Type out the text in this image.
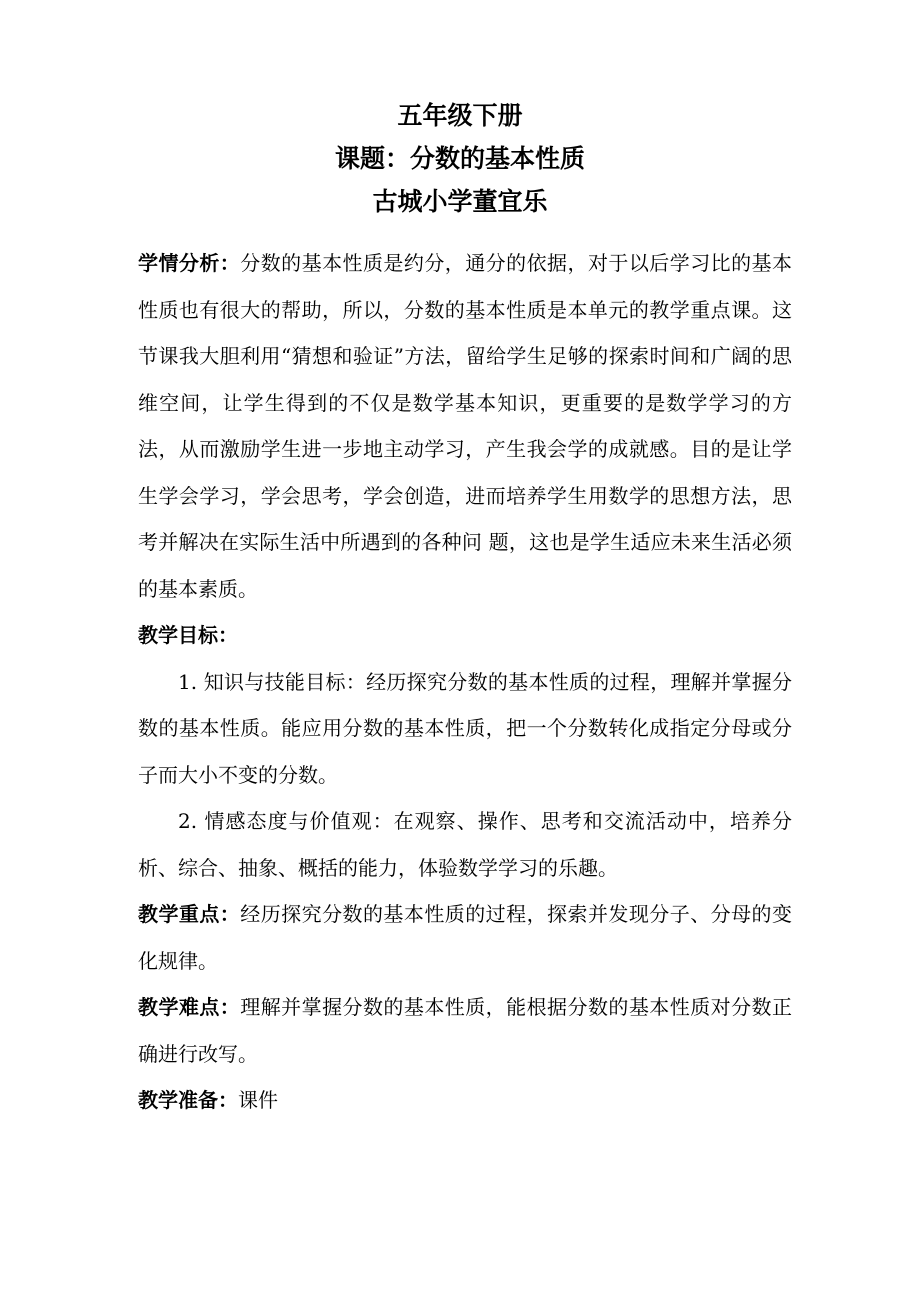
五年级下册
课题：分数的基本性质
古城小学董宜乐

学情分析：分数的基本性质是约分，通分的依据，对于以后学习比的基本性质也有很大的帮助，所以，分数的基本性质是本单元的教学重点课。这节课我大胆利用“猜想和验证”方法，留给学生足够的探索时间和广阔的思维空间，让学生得到的不仅是数学基本知识，更重要的是数学学习的方法，从而激励学生进一步地主动学习，产生我会学的成就感。目的是让学生学会学习，学会思考，学会创造，进而培养学生用数学的思想方法，思考并解决在实际生活中所遇到的各种问 题，这也是学生适应未来生活必须的基本素质。

教学目标：

1. 知识与技能目标：经历探究分数的基本性质的过程，理解并掌握分数的基本性质。能应用分数的基本性质，把一个分数转化成指定分母或分子而大小不变的分数。

2. 情感态度与价值观：在观察、操作、思考和交流活动中，培养分析、综合、抽象、概括的能力，体验数学学习的乐趣。

教学重点：经历探究分数的基本性质的过程，探索并发现分子、分母的变化规律。

教学难点：理解并掌握分数的基本性质，能根据分数的基本性质对分数正确进行改写。

教学准备：课件
